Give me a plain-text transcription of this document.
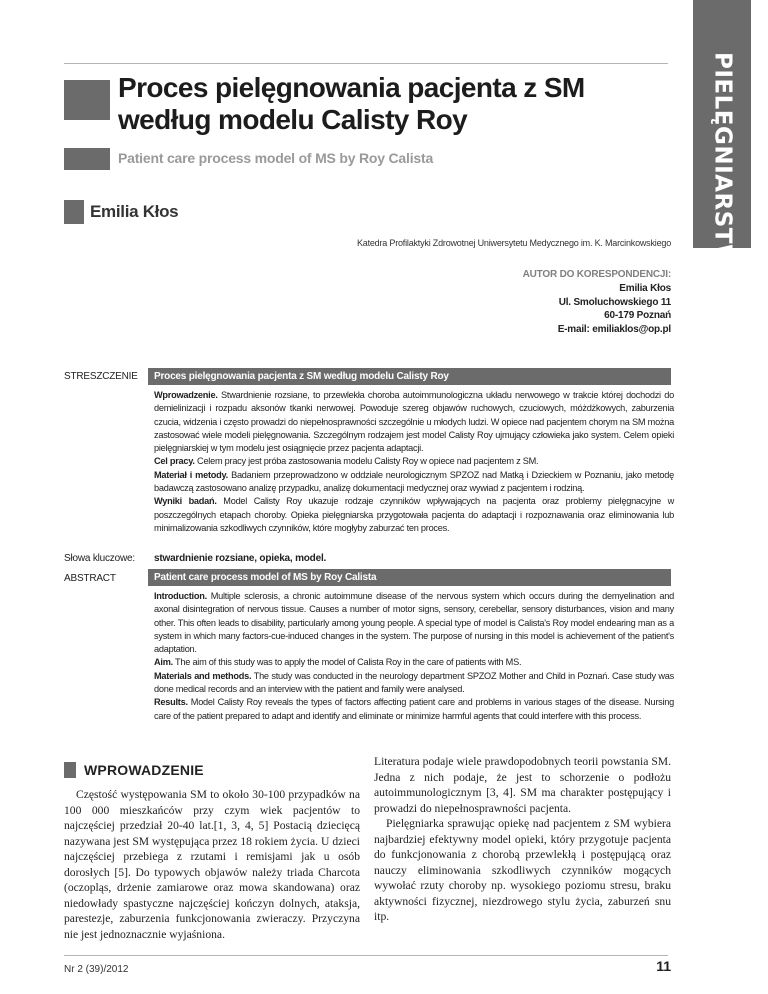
PIELĘGNIARSTWO XXI WIEKU
Proces pielęgnowania pacjenta z SM
według modelu Calisty Roy
Patient care process model of MS by Roy Calista
Emilia Kłos
Katedra Profilaktyki Zdrowotnej Uniwersytetu Medycznego im. K. Marcinkowskiego
AUTOR DO KORESPONDENCJI:
Emilia Kłos
Ul. Smoluchowskiego 11
60-179 Poznań
E-mail: emiliaklos@op.pl
STRESZCZENIE	Proces pielęgnowania pacjenta z SM według modelu Calisty Roy

Wprowadzenie. Stwardnienie rozsiane, to przewlekła choroba autoimmunologiczna układu nerwowego w trakcie której dochodzi do demielinizacji i rozpadu aksonów tkanki nerwowej. Powoduje szereg objawów ruchowych, czuciowych, móżdżkowych, zaburzenia czucia, widzenia i często prowadzi do niepełnosprawności szczególnie u młodych ludzi. W opiece nad pacjentem chorym na SM można zastosować wiele modeli pielęgnowania. Szczególnym rodzajem jest model Calisty Roy ujmujący człowieka jako system. Celem opieki pielęgniarskiej w tym modelu jest osiągnięcie przez pacjenta adaptacji.

Cel pracy. Celem pracy jest próba zastosowania modelu Calisty Roy w opiece nad pacjentem z SM.

Materiał i metody. Badaniem przeprowadzono w oddziale neurologicznym SPZOZ nad Matką i Dzieckiem w Poznaniu, jako metodę badawczą zastosowano analizę przypadku, analizę dokumentacji medycznej oraz wywiad z pacjentem i rodziną.

Wyniki badań. Model Calisty Roy ukazuje rodzaje czynników wpływających na pacjenta oraz problemy pielęgnacyjne w poszczególnych etapach choroby. Opieka pielęgniarska przygotowała pacjenta do adaptacji i rozpoznawania oraz eliminowania lub minimalizowania szkodliwych czynników, które mogłyby zaburzać ten proces.

Słowa kluczowe: stwardnienie rozsiane, opieka, model.
ABSTRACT	Patient care process model of MS by Roy Calista

Introduction. Multiple sclerosis, a chronic autoimmune disease of the nervous system which occurs during the demyelination and axonal disintegration of nervous tissue. Causes a number of motor signs, sensory, cerebellar, sensory disturbances, vision and many other. This often leads to disability, particularly among young people. A special type of model is Calista's Roy model endearing man as a system in which many factors-cue-induced changes in the system. The purpose of nursing in this model is achievement of the patient's adaptation.

Aim. The aim of this study was to apply the model of Calista Roy in the care of patients with MS.

Materials and methods. The study was conducted in the neurology department SPZOZ Mother and Child in Poznań. Case study was done medical records and an interview with the patient and family were analysed.

Results. Model Calisty Roy reveals the types of factors affecting patient care and problems in various stages of the disease. Nursing care of the patient prepared to adapt and identify and eliminate or minimize harmful agents that could interfere with this process.

WPROWADZENIE

Częstość występowania SM to około 30-100 przypadków na 100 000 mieszkańców przy czym wiek pacjentów to najczęściej przedział 20-40 lat.[1, 3, 4, 5] Postacią dziecięcą nazywana jest SM występująca przez 18 rokiem życia. U dzieci najczęściej przebiega z rzutami i remisjami jak u osób dorosłych [5]. Do typowych objawów należy triada Charcota (oczopląs, drżenie zamiarowe oraz mowa skandowana) oraz niedowłady spastyczne najczęściej kończyn dolnych, ataksja, parestezje, zaburzenia funkcjonowania zwieraczy. Przyczyna nie jest jednoznacznie wyjaśniona.

Literatura podaje wiele prawdopodobnych teorii powstania SM. Jedna z nich podaje, że jest to schorzenie o podłożu autoimmunologicznym [3, 4]. SM ma charakter postępujący i prowadzi do niepełnosprawności pacjenta.

Pielęgniarka sprawując opiekę nad pacjentem z SM wybiera najbardziej efektywny model opieki, który przygotuje pacjenta do funkcjonowania z chorobą przewlekłą i postępującą oraz nauczy eliminowania szkodliwych czynników mogących wywołać rzuty choroby np. wysokiego poziomu stresu, braku aktywności fizycznej, niezdrowego stylu życia, zaburzeń snu itp.

Nr 2 (39)/2012	11
